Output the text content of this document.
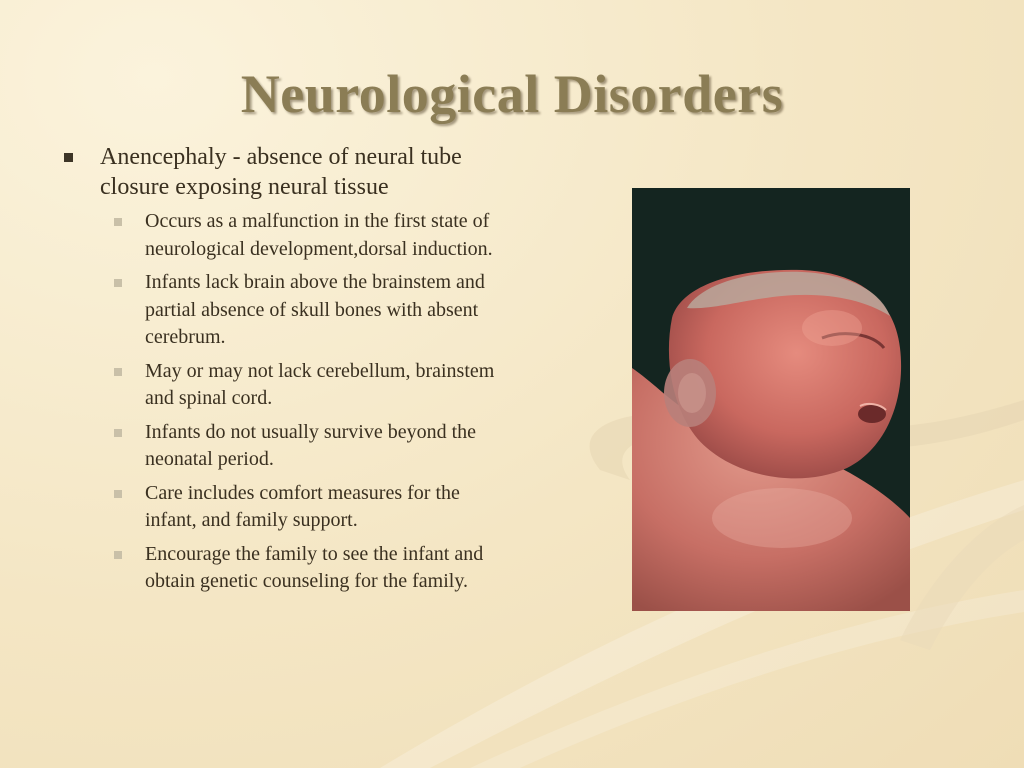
Neurological Disorders

Anencephaly - absence of neural tube closure exposing neural tissue

Occurs as a malfunction in the first state of neurological development,dorsal induction.
Infants lack brain above the brainstem and partial absence of skull bones with absent cerebrum.
May or may not lack cerebellum, brainstem and spinal cord.
Infants do not usually survive beyond the neonatal period.
Care includes comfort measures for the infant, and family support.
Encourage the family to see the infant and obtain genetic counseling for the family.
